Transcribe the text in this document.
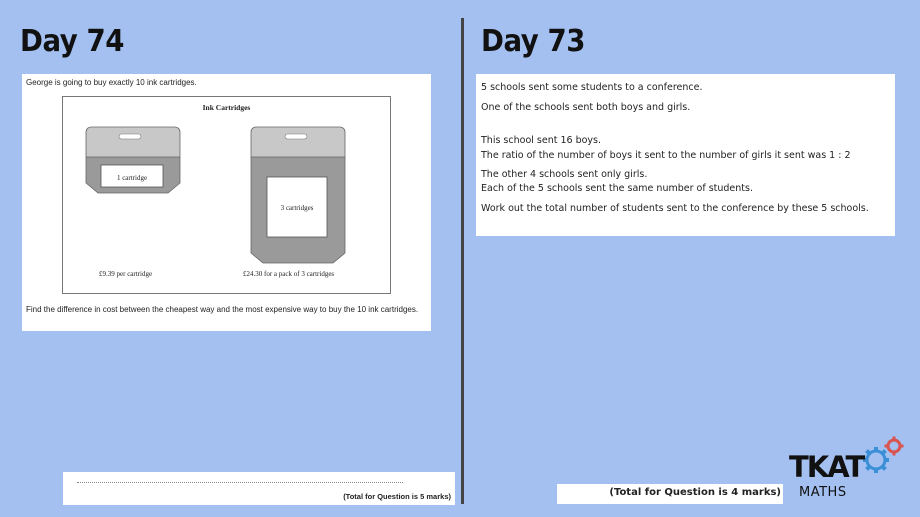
Day 74	Day 73
George is going to buy exactly 10 ink cartridges.
Ink Cartridges
1 cartridge
3 cartridges
£9.39 per cartridge	£24.30 for a pack of 3 cartridges
Find the difference in cost between the cheapest way and the most expensive way to buy the 10 ink cartridges.
(Total for Question is 5 marks)
5 schools sent some students to a conference.
One of the schools sent both boys and girls.
This school sent 16 boys.
The ratio of the number of boys it sent to the number of girls it sent was 1 : 2
The other 4 schools sent only girls.
Each of the 5 schools sent the same number of students.
Work out the total number of students sent to the conference by these 5 schools.
(Total for Question is 4 marks)
TKAT
MATHS
